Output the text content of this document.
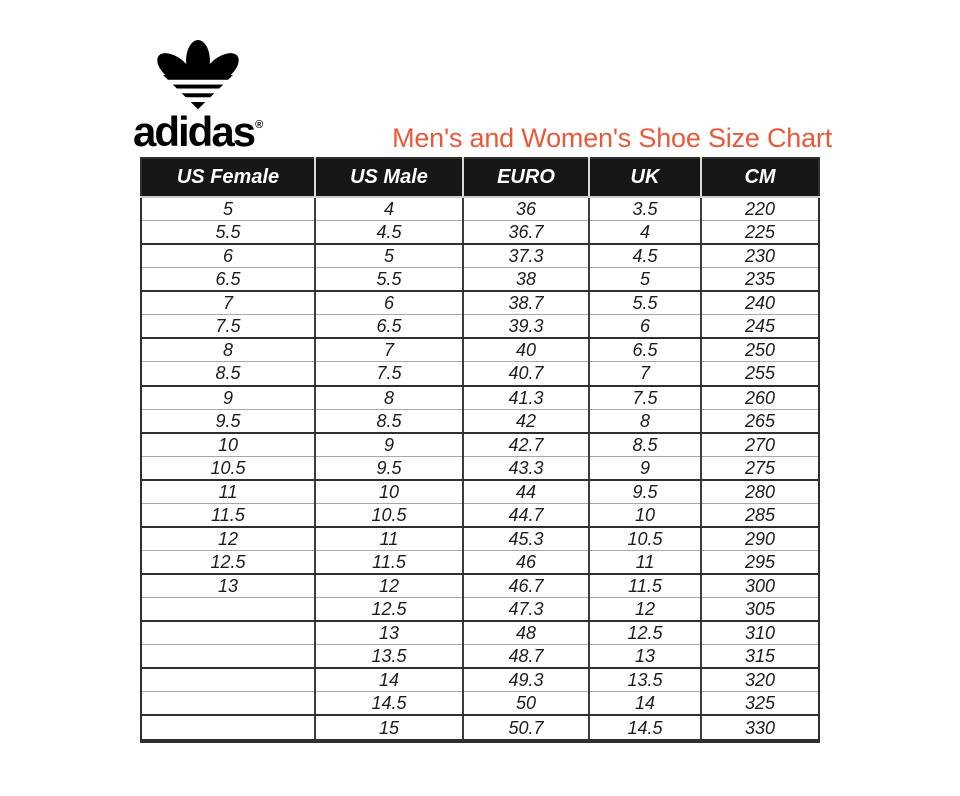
adidas®	Men's and Women's Shoe Size Chart
US Female	US Male	EURO	UK	CM
5	4	36	3.5	220
5.5	4.5	36.7	4	225
6	5	37.3	4.5	230
6.5	5.5	38	5	235
7	6	38.7	5.5	240
7.5	6.5	39.3	6	245
8	7	40	6.5	250
8.5	7.5	40.7	7	255
9	8	41.3	7.5	260
9.5	8.5	42	8	265
10	9	42.7	8.5	270
10.5	9.5	43.3	9	275
11	10	44	9.5	280
11.5	10.5	44.7	10	285
12	11	45.3	10.5	290
12.5	11.5	46	11	295
13	12	46.7	11.5	300
	12.5	47.3	12	305
	13	48	12.5	310
	13.5	48.7	13	315
	14	49.3	13.5	320
	14.5	50	14	325
	15	50.7	14.5	330
